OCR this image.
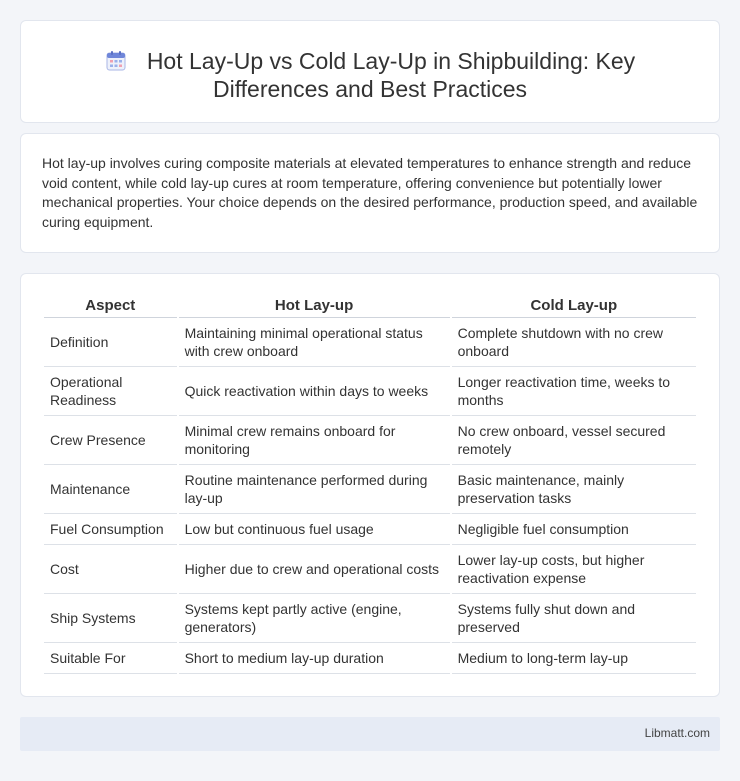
Hot Lay-Up vs Cold Lay-Up in Shipbuilding: Key
Differences and Best Practices

Hot lay-up involves curing composite materials at elevated temperatures to enhance strength and reduce void content, while cold lay-up cures at room temperature, offering convenience but potentially lower mechanical properties. Your choice depends on the desired performance, production speed, and available curing equipment.

Aspect	Hot Lay-up	Cold Lay-up
Definition	Maintaining minimal operational status with crew onboard	Complete shutdown with no crew onboard
Operational Readiness	Quick reactivation within days to weeks	Longer reactivation time, weeks to months
Crew Presence	Minimal crew remains onboard for monitoring	No crew onboard, vessel secured remotely
Maintenance	Routine maintenance performed during lay-up	Basic maintenance, mainly preservation tasks
Fuel Consumption	Low but continuous fuel usage	Negligible fuel consumption
Cost	Higher due to crew and operational costs	Lower lay-up costs, but higher reactivation expense
Ship Systems	Systems kept partly active (engine, generators)	Systems fully shut down and preserved
Suitable For	Short to medium lay-up duration	Medium to long-term lay-up
Libmatt.com
